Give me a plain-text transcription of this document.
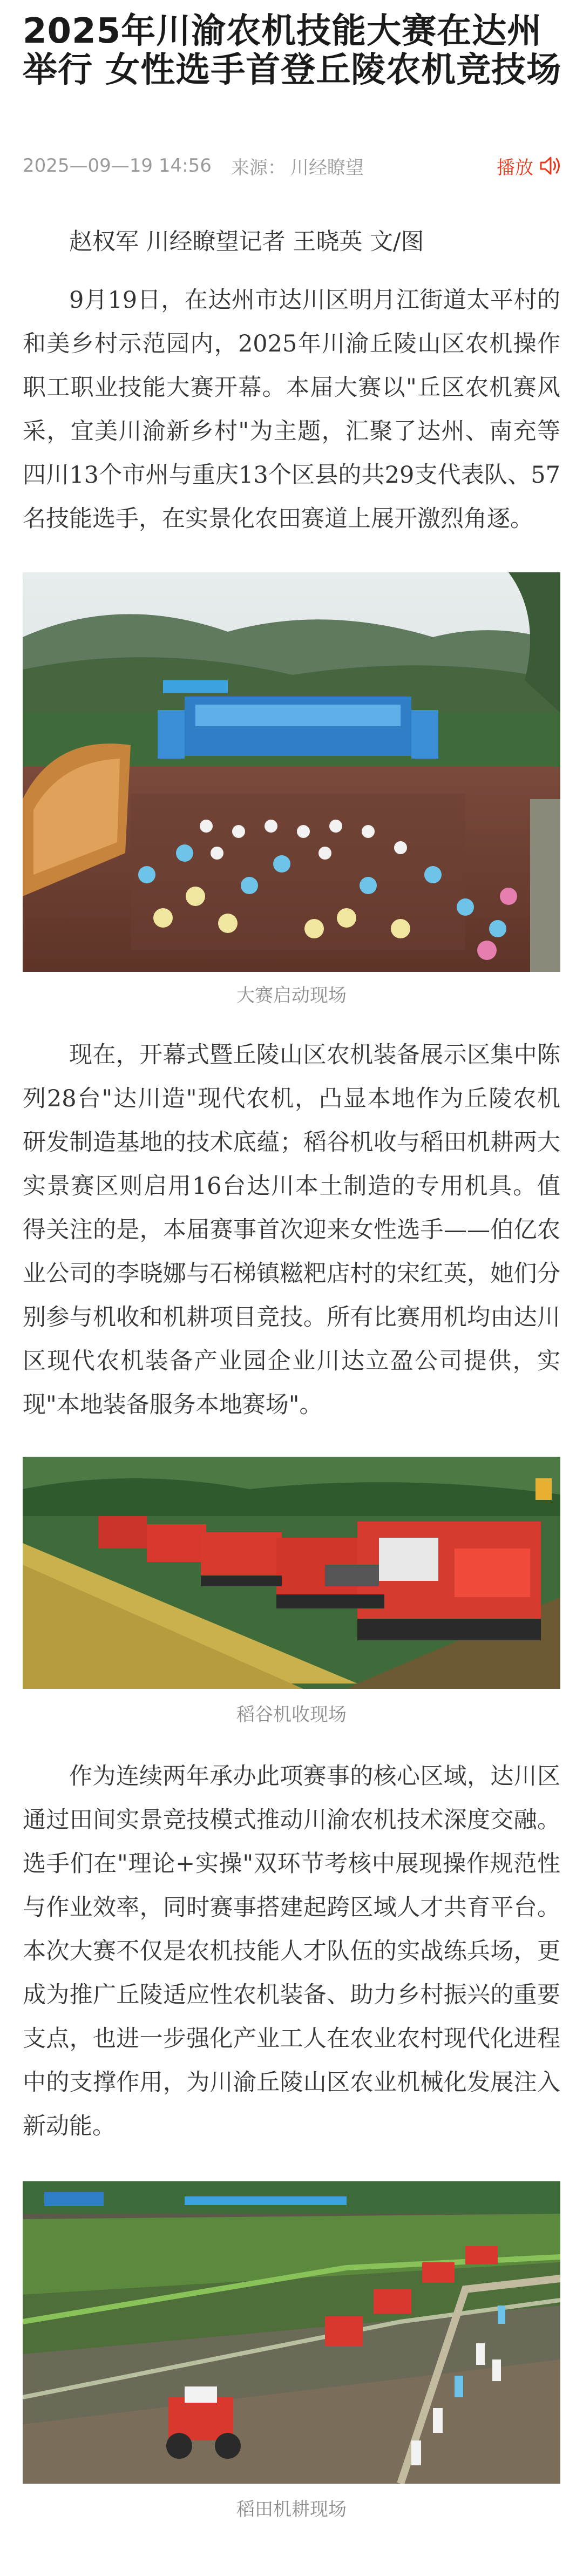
2025年川渝农机技能大赛在达州举行 女性选手首登丘陵农机竞技场
2025—09—19 14:56 来源： 川经瞭望	播放

赵权军 川经瞭望记者 王晓英 文/图

9月19日，在达州市达川区明月江街道太平村的和美乡村示范园内，2025年川渝丘陵山区农机操作职工职业技能大赛开幕。本届大赛以"丘区农机赛风采，宜美川渝新乡村"为主题，汇聚了达州、南充等四川13个市州与重庆13个区县的共29支代表队、57名技能选手，在实景化农田赛道上展开激烈角逐。

大赛启动现场

现在，开幕式暨丘陵山区农机装备展示区集中陈列28台"达川造"现代农机，凸显本地作为丘陵农机研发制造基地的技术底蕴；稻谷机收与稻田机耕两大实景赛区则启用16台达川本土制造的专用机具。值得关注的是，本届赛事首次迎来女性选手——伯亿农业公司的李晓娜与石梯镇糍粑店村的宋红英，她们分别参与机收和机耕项目竞技。所有比赛用机均由达川区现代农机装备产业园企业川达立盈公司提供，实现"本地装备服务本地赛场"。

稻谷机收现场

作为连续两年承办此项赛事的核心区域，达川区通过田间实景竞技模式推动川渝农机技术深度交融。选手们在"理论+实操"双环节考核中展现操作规范性与作业效率，同时赛事搭建起跨区域人才共育平台。本次大赛不仅是农机技能人才队伍的实战练兵场，更成为推广丘陵适应性农机装备、助力乡村振兴的重要支点，也进一步强化产业工人在农业农村现代化进程中的支撑作用，为川渝丘陵山区农业机械化发展注入新动能。

稻田机耕现场
